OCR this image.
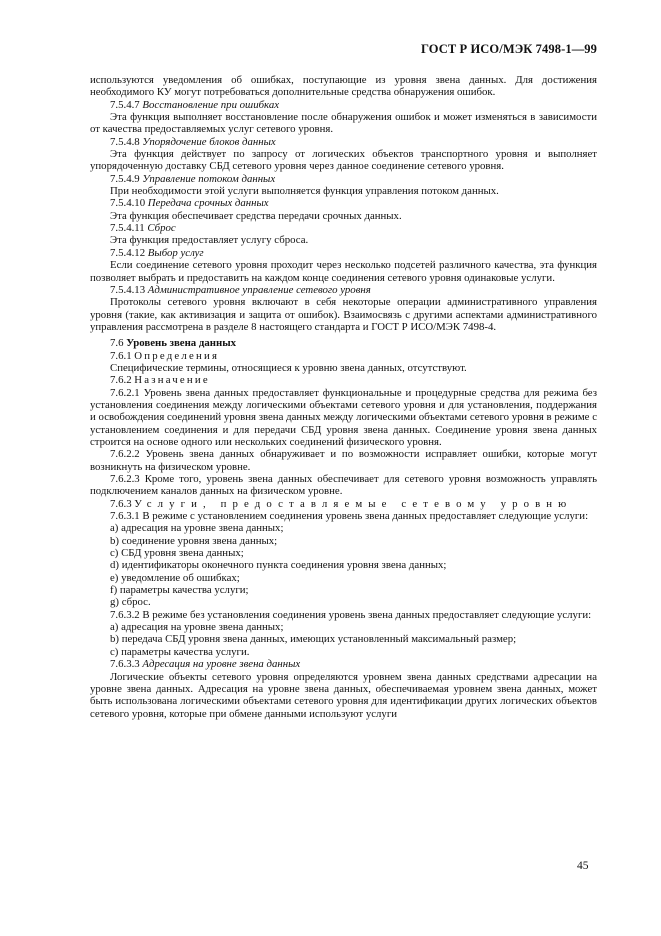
ГОСТ Р ИСО/МЭК 7498-1—99

используются уведомления об ошибках, поступающие из уровня звена данных. Для достижения необходимого КУ могут потребоваться дополнительные средства обнаружения ошибок.

7.5.4.7 Восстановление при ошибках

Эта функция выполняет восстановление после обнаружения ошибок и может изменяться в зависимости от качества предоставляемых услуг сетевого уровня.

7.5.4.8 Упорядочение блоков данных

Эта функция действует по запросу от логических объектов транспортного уровня и выполняет упорядоченную доставку СБД сетевого уровня через данное соединение сетевого уровня.

7.5.4.9 Управление потоком данных

При необходимости этой услуги выполняется функция управления потоком данных.

7.5.4.10 Передача срочных данных

Эта функция обеспечивает средства передачи срочных данных.

7.5.4.11 Сброс

Эта функция предоставляет услугу сброса.

7.5.4.12 Выбор услуг

Если соединение сетевого уровня проходит через несколько подсетей различного качества, эта функция позволяет выбрать и предоставить на каждом конце соединения сетевого уровня одинаковые услуги.

7.5.4.13 Административное управление сетевого уровня

Протоколы сетевого уровня включают в себя некоторые операции административного управления уровня (такие, как активизация и защита от ошибок). Взаимосвязь с другими аспектами административного управления рассмотрена в разделе 8 настоящего стандарта и ГОСТ Р ИСО/МЭК 7498-4.

7.6 Уровень звена данных

7.6.1 Определения

Специфические термины, относящиеся к уровню звена данных, отсутствуют.

7.6.2 Назначение

7.6.2.1 Уровень звена данных предоставляет функциональные и процедурные средства для режима без установления соединения между логическими объектами сетевого уровня и для установления, поддержания и освобождения соединений уровня звена данных между логическими объектами сетевого уровня в режиме с установлением соединения и для передачи СБД уровня звена данных. Соединение уровня звена данных строится на основе одного или нескольких соединений физического уровня.

7.6.2.2 Уровень звена данных обнаруживает и по возможности исправляет ошибки, которые могут возникнуть на физическом уровне.

7.6.2.3 Кроме того, уровень звена данных обеспечивает для сетевого уровня возможность управлять подключением каналов данных на физическом уровне.

7.6.3 Услуги, предоставляемые сетевому уровню

7.6.3.1 В режиме с установлением соединения уровень звена данных предоставляет следующие услуги:

a) адресация на уровне звена данных;

b) соединение уровня звена данных;

c) СБД уровня звена данных;

d) идентификаторы оконечного пункта соединения уровня звена данных;

e) уведомление об ошибках;

f) параметры качества услуги;

g) сброс.

7.6.3.2 В режиме без установления соединения уровень звена данных предоставляет следующие услуги:

a) адресация на уровне звена данных;

b) передача СБД уровня звена данных, имеющих установленный максимальный размер;

c) параметры качества услуги.

7.6.3.3 Адресация на уровне звена данных

Логические объекты сетевого уровня определяются уровнем звена данных средствами адресации на уровне звена данных. Адресация на уровне звена данных, обеспечиваемая уровнем звена данных, может быть использована логическими объектами сетевого уровня для идентификации других логических объектов сетевого уровня, которые при обмене данными используют услуги

45
